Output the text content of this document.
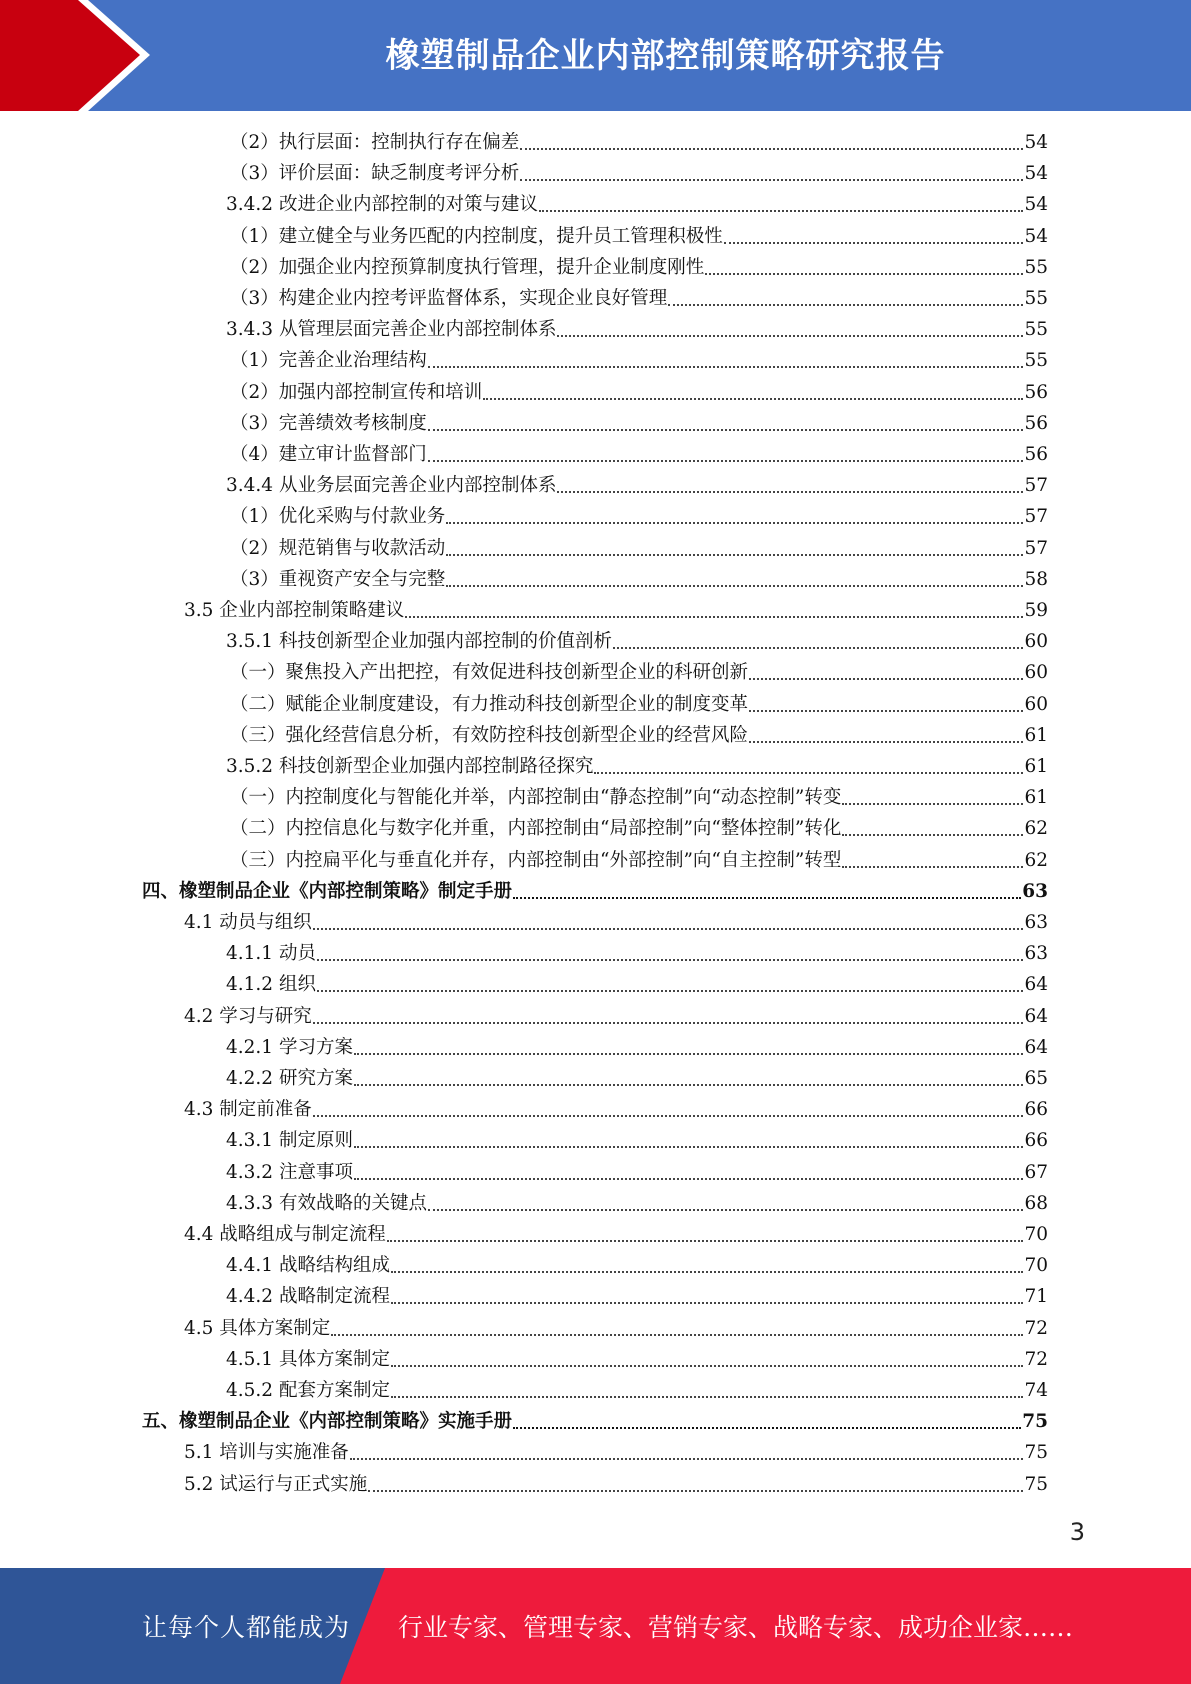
橡塑制品企业内部控制策略研究报告
（2）执行层面：控制执行存在偏差	54
（3）评价层面：缺乏制度考评分析	54
3.4.2 改进企业内部控制的对策与建议	54
（1）建立健全与业务匹配的内控制度，提升员工管理积极性	54
（2）加强企业内控预算制度执行管理，提升企业制度刚性	55
（3）构建企业内控考评监督体系，实现企业良好管理	55
3.4.3 从管理层面完善企业内部控制体系	55
（1）完善企业治理结构	55
（2）加强内部控制宣传和培训	56
（3）完善绩效考核制度	56
（4）建立审计监督部门	56
3.4.4 从业务层面完善企业内部控制体系	57
（1）优化采购与付款业务	57
（2）规范销售与收款活动	57
（3）重视资产安全与完整	58
3.5 企业内部控制策略建议	59
3.5.1 科技创新型企业加强内部控制的价值剖析	60
（一）聚焦投入产出把控，有效促进科技创新型企业的科研创新	60
（二）赋能企业制度建设，有力推动科技创新型企业的制度变革	60
（三）强化经营信息分析，有效防控科技创新型企业的经营风险	61
3.5.2 科技创新型企业加强内部控制路径探究	61
（一）内控制度化与智能化并举，内部控制由“静态控制”向“动态控制”转变	61
（二）内控信息化与数字化并重，内部控制由“局部控制”向“整体控制”转化	62
（三）内控扁平化与垂直化并存，内部控制由“外部控制”向“自主控制”转型	62
四、橡塑制品企业《内部控制策略》制定手册	63
4.1 动员与组织	63
4.1.1 动员	63
4.1.2 组织	64
4.2 学习与研究	64
4.2.1 学习方案	64
4.2.2 研究方案	65
4.3 制定前准备	66
4.3.1 制定原则	66
4.3.2 注意事项	67
4.3.3 有效战略的关键点	68
4.4 战略组成与制定流程	70
4.4.1 战略结构组成	70
4.4.2 战略制定流程	71
4.5 具体方案制定	72
4.5.1 具体方案制定	72
4.5.2 配套方案制定	74
五、橡塑制品企业《内部控制策略》实施手册	75
5.1 培训与实施准备	75
5.2 试运行与正式实施	75
3
让每个人都能成为 行业专家、管理专家、营销专家、战略专家、成功企业家……
